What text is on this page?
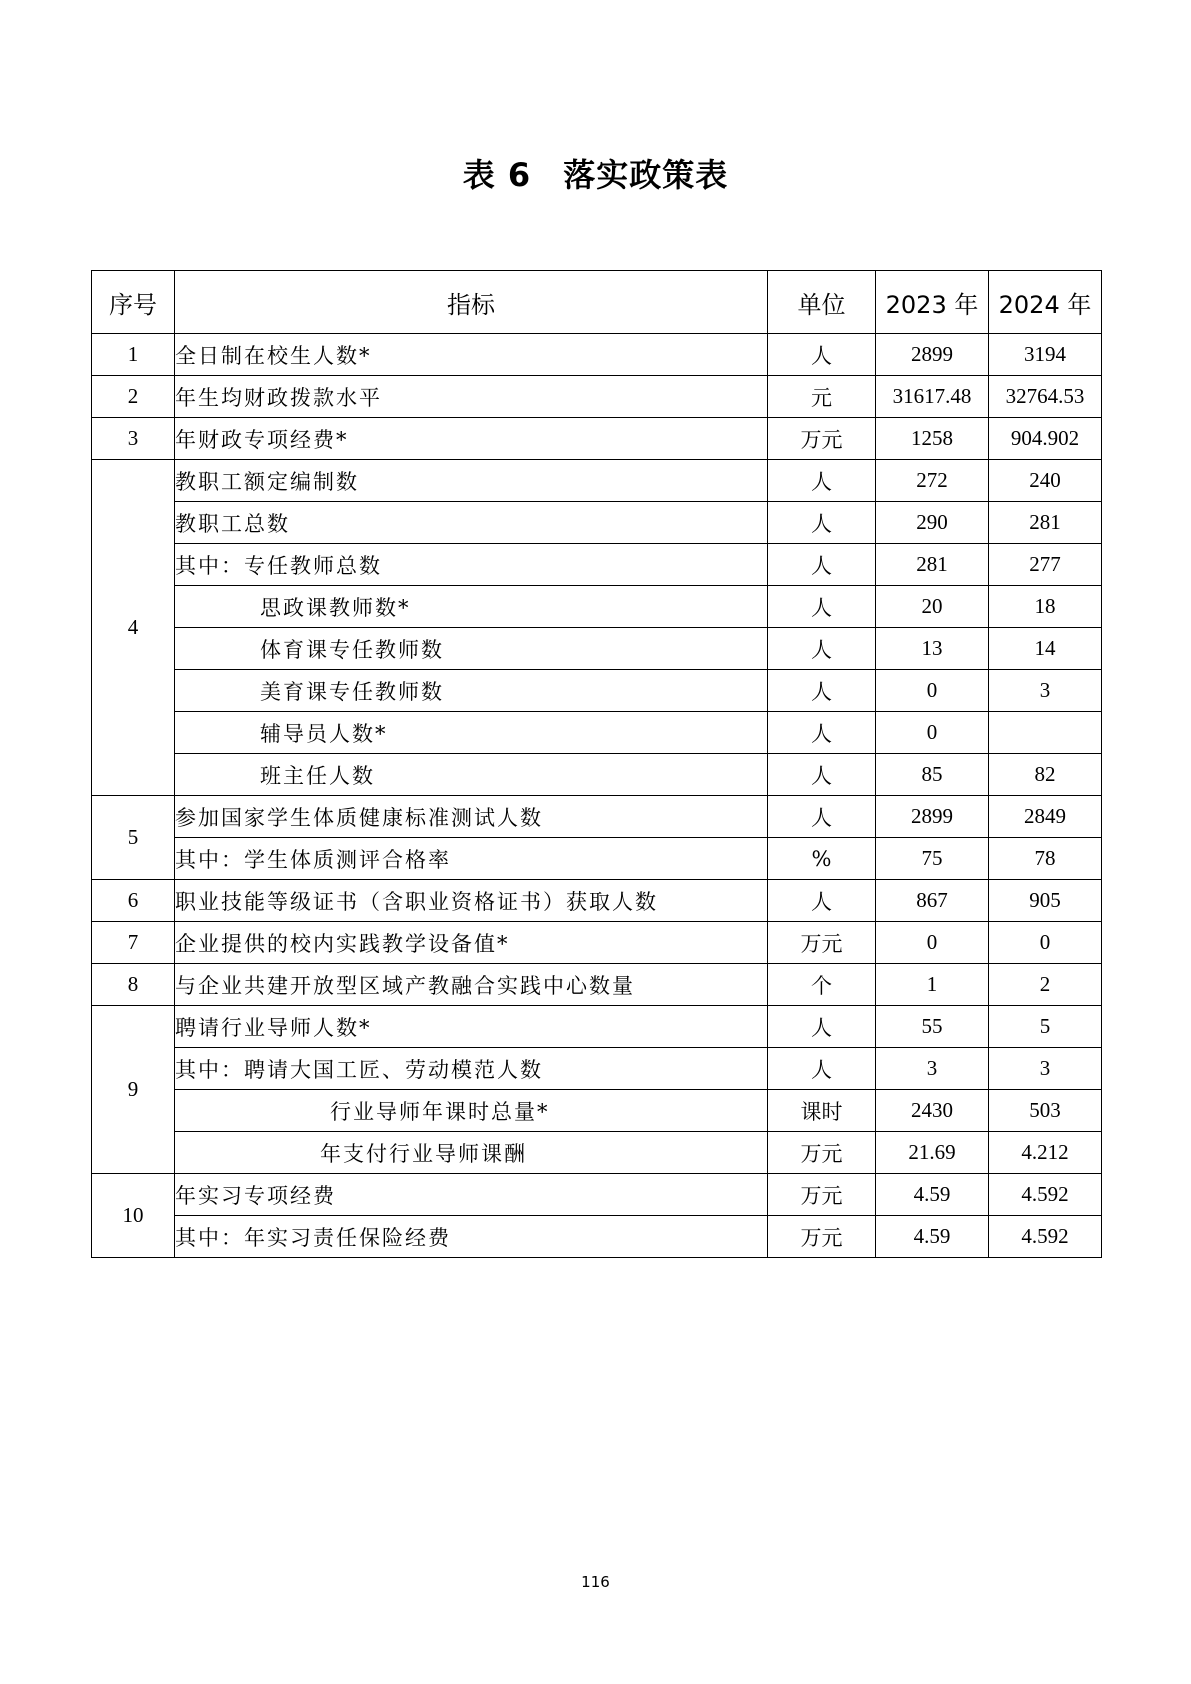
表 6 落实政策表
序号	指标	单位	2023 年	2024 年
1	全日制在校生人数*	人	2899	3194
2	年生均财政拨款水平	元	31617.48	32764.53
3	年财政专项经费*	万元	1258	904.902
4	教职工额定编制数	人	272	240
	教职工总数	人	290	281
	其中：专任教师总数	人	281	277
	思政课教师数*	人	20	18
	体育课专任教师数	人	13	14
	美育课专任教师数	人	0	3
	辅导员人数*	人	0	
	班主任人数	人	85	82
5	参加国家学生体质健康标准测试人数	人	2899	2849
	其中：学生体质测评合格率	%	75	78
6	职业技能等级证书（含职业资格证书）获取人数	人	867	905
7	企业提供的校内实践教学设备值*	万元	0	0
8	与企业共建开放型区域产教融合实践中心数量	个	1	2
9	聘请行业导师人数*	人	55	5
	其中：聘请大国工匠、劳动模范人数	人	3	3
	行业导师年课时总量*	课时	2430	503
	年支付行业导师课酬	万元	21.69	4.212
10	年实习专项经费	万元	4.59	4.592
	其中：年实习责任保险经费	万元	4.59	4.592
116
